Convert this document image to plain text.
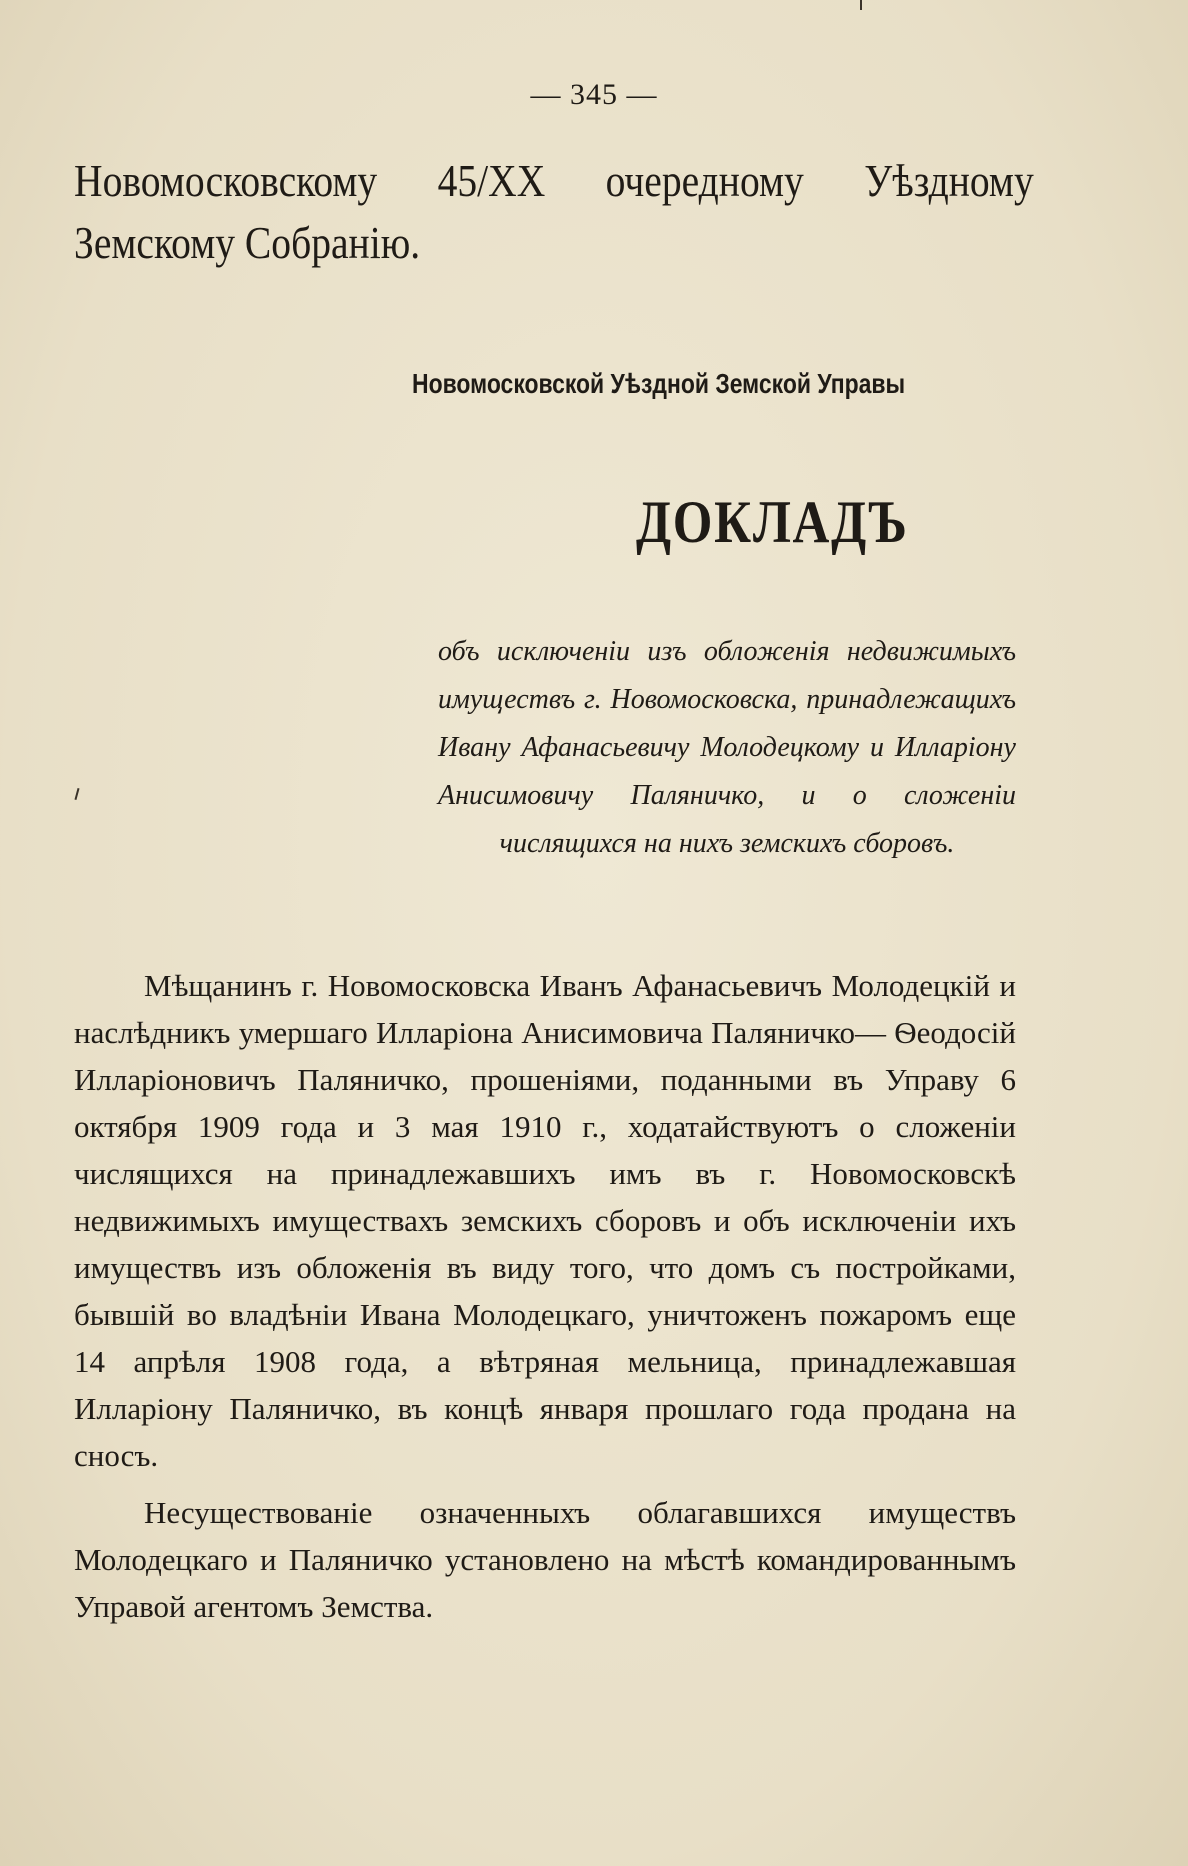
— 345 —
Новомосковскому 45/XX очередному Уѣздному Земскому Собранію.
Новомосковской Уѣздной Земской Управы
ДОКЛАДЪ
объ исключеніи изъ обложенія недвижимыхъ имуществъ г. Новомосковска, принадлежащихъ Ивану Афанасьевичу Молодецкому и Илларіону Анисимовичу Паляничко, и о сложеніи числящихся на нихъ земскихъ сборовъ.

Мѣщанинъ г. Новомосковска Иванъ Афанасьевичъ Молодецкій и наслѣдникъ умершаго Илларіона Анисимовича Паляничко— Ѳеодосій Илларіоновичъ Паляничко, прошеніями, поданными въ Управу 6 октября 1909 года и 3 мая 1910 г., ходатайствуютъ о сложеніи числящихся на принадлежавшихъ имъ въ г. Новомосковскѣ недвижимыхъ имуществахъ земскихъ сборовъ и объ исключеніи ихъ имуществъ изъ обложенія въ виду того, что домъ съ постройками, бывшій во владѣніи Ивана Молодецкаго, уничтоженъ пожаромъ еще 14 апрѣля 1908 года, а вѣтряная мельница, принадлежавшая Илларіону Паляничко, въ концѣ января прошлаго года продана на сносъ.

Несуществованіе означенныхъ облагавшихся имуществъ Молодецкаго и Паляничко установлено на мѣстѣ командированнымъ Управой агентомъ Земства.
